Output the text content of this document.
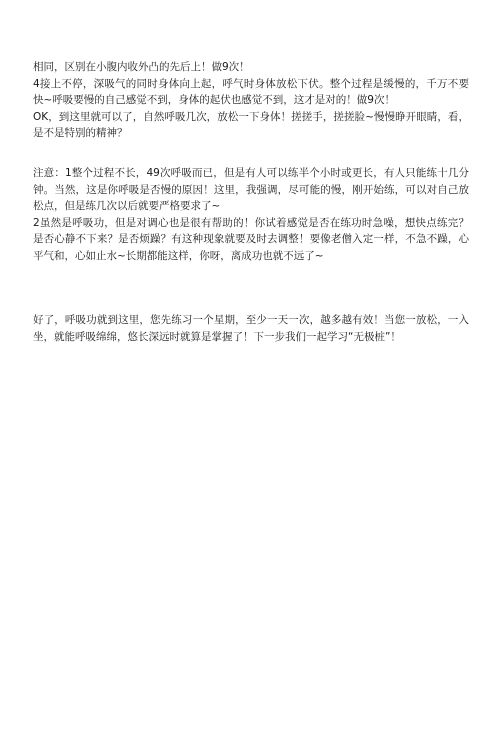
相同，区别在小腹内收外凸的先后上！做9次！

4接上不停，深吸气的同时身体向上起，呼气时身体放松下伏。整个过程是缓慢的，千万不要快~呼吸要慢的自己感觉不到，身体的起伏也感觉不到，这才是对的！做9次！

OK，到这里就可以了，自然呼吸几次，放松一下身体！搓搓手，搓搓脸~慢慢睁开眼睛，看，是不是特别的精神？

注意：1整个过程不长，49次呼吸而已，但是有人可以练半个小时或更长，有人只能练十几分钟。当然，这是你呼吸是否慢的原因！这里，我强调，尽可能的慢，刚开始练，可以对自己放松点，但是练几次以后就要严格要求了~

2虽然是呼吸功，但是对调心也是很有帮助的！你试着感觉是否在练功时急噪，想快点练完？是否心静不下来？是否烦躁？有这种现象就要及时去调整！要像老僧入定一样，不急不躁，心平气和，心如止水~长期都能这样，你呀，离成功也就不远了~

好了，呼吸功就到这里，您先练习一个星期，至少一天一次，越多越有效！当您一放松，一入坐，就能呼吸绵绵，悠长深远时就算是掌握了！下一步我们一起学习“无极桩”！
